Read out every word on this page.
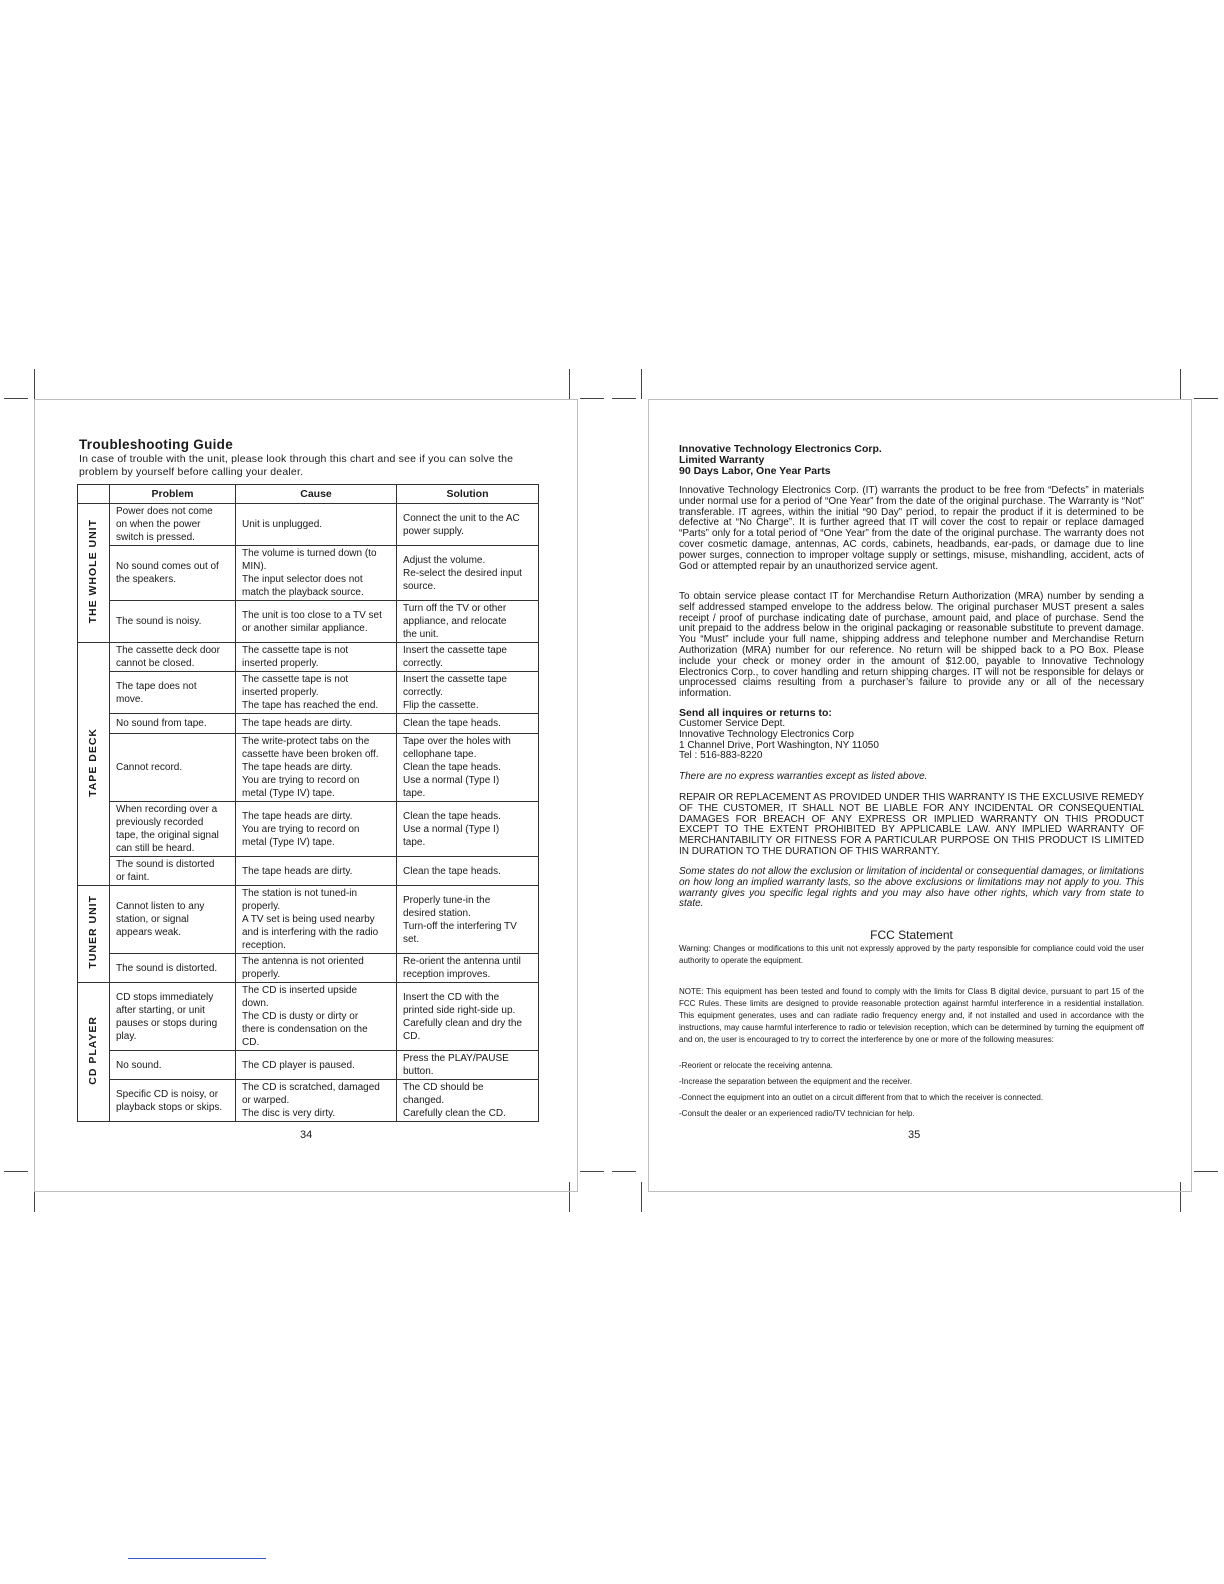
Troubleshooting Guide
In case of trouble with the unit, please look through this chart and see if you can solve the problem by yourself before calling your dealer.
	Problem	Cause	Solution
THE WHOLE UNIT	Power does not come
on when the power
switch is pressed.	Unit is unplugged.	Connect the unit to the AC
power supply.

	No sound comes out of
the speakers.	The volume is turned down (to
MIN).
The input selector does not
match the playback source.	Adjust the volume.
Re-select the desired input
source.

	The sound is noisy.	The unit is too close to a TV set
or another similar appliance.	Turn off the TV or other
appliance, and relocate
the unit.

TAPE DECK	The cassette deck door
cannot be closed.	The cassette tape is not
inserted properly.	Insert the cassette tape
correctly.

	The tape does not
move.	The cassette tape is not
inserted properly.
The tape has reached the end.	Insert the cassette tape
correctly.
Flip the cassette.

	No sound from tape.	The tape heads are dirty.	Clean the tape heads.

	Cannot record.	The write-protect tabs on the
cassette have been broken off.
The tape heads are dirty.
You are trying to record on
metal (Type IV) tape.	Tape over the holes with
cellophane tape.
Clean the tape heads.
Use a normal (Type I)
tape.

	When recording over a
previously recorded
tape, the original signal
can still be heard.	The tape heads are dirty.
You are trying to record on
metal (Type IV) tape.	Clean the tape heads.
Use a normal (Type I)
tape.

	The sound is distorted
or faint.	The tape heads are dirty.	Clean the tape heads.

TUNER UNIT	Cannot listen to any
station, or signal
appears weak.	The station is not tuned-in
properly.
A TV set is being used nearby
and is interfering with the radio
reception.	Properly tune-in the
desired station.
Turn-off the interfering TV
set.

	The sound is distorted.	The antenna is not oriented
properly.	Re-orient the antenna until
reception improves.

CD PLAYER	CD stops immediately
after starting, or unit
pauses or stops during
play.	The CD is inserted upside
down.
The CD is dusty or dirty or
there is condensation on the
CD.	Insert the CD with the
printed side right-side up.
Carefully clean and dry the
CD.

	No sound.	The CD player is paused.	Press the PLAY/PAUSE
button.

	Specific CD is noisy, or
playback stops or skips.	The CD is scratched, damaged
or warped.
The disc is very dirty.	The CD should be
changed.
Carefully clean the CD.
34
Innovative Technology Electronics Corp.
Limited Warranty
90 Days Labor, One Year Parts
Innovative Technology Electronics Corp. (IT) warrants the product to be free from “Defects” in materials under normal use for a period of “One Year” from the date of the original purchase. The Warranty is “Not” transferable. IT agrees, within the initial “90 Day” period, to repair the product if it is determined to be defective at “No Charge”. It is further agreed that IT will cover the cost to repair or replace damaged “Parts” only for a total period of “One Year” from the date of the original purchase. The warranty does not cover cosmetic damage, antennas, AC cords, cabinets, headbands, ear-pads, or damage due to line power surges, connection to improper voltage supply or settings, misuse, mishandling, accident, acts of God or attempted repair by an unauthorized service agent.
To obtain service please contact IT for Merchandise Return Authorization (MRA) number by sending a self addressed stamped envelope to the address below. The original purchaser MUST present a sales receipt / proof of purchase indicating date of purchase, amount paid, and place of purchase. Send the unit prepaid to the address below in the original packaging or reasonable substitute to prevent damage. You “Must” include your full name, shipping address and telephone number and Merchandise Return Authorization (MRA) number for our reference. No return will be shipped back to a PO Box. Please include your check or money order in the amount of $12.00, payable to Innovative Technology Electronics Corp., to cover handling and return shipping charges. IT will not be responsible for delays or unprocessed claims resulting from a purchaser’s failure to provide any or all of the necessary information.
Send all inquires or returns to:
Customer Service Dept.
Innovative Technology Electronics Corp
1 Channel Drive, Port Washington, NY 11050
Tel : 516-883-8220
There are no express warranties except as listed above.
REPAIR OR REPLACEMENT AS PROVIDED UNDER THIS WARRANTY IS THE EXCLUSIVE REMEDY OF THE CUSTOMER, IT SHALL NOT BE LIABLE FOR ANY INCIDENTAL OR CONSEQUENTIAL DAMAGES FOR BREACH OF ANY EXPRESS OR IMPLIED WARRANTY ON THIS PRODUCT EXCEPT TO THE EXTENT PROHIBITED BY APPLICABLE LAW. ANY IMPLIED WARRANTY OF MERCHANTABILITY OR FITNESS FOR A PARTICULAR PURPOSE ON THIS PRODUCT IS LIMITED IN DURATION TO THE DURATION OF THIS WARRANTY.
Some states do not allow the exclusion or limitation of incidental or consequential damages, or limitations on how long an implied warranty lasts, so the above exclusions or limitations may not apply to you. This warranty gives you specific legal rights and you may also have other rights, which vary from state to state.
FCC Statement
Warning: Changes or modifications to this unit not expressly approved by the party responsible for compliance could void the user authority to operate the equipment.
NOTE: This equipment has been tested and found to comply with the limits for Class B digital device, pursuant to part 15 of the FCC Rules. These limits are designed to provide reasonable protection against harmful interference in a residential installation. This equipment generates, uses and can radiate radio frequency energy and, if not installed and used in accordance with the instructions, may cause harmful interference to radio or television reception, which can be determined by turning the equipment off and on, the user is encouraged to try to correct the interference by one or more of the following measures:
-Reorient or relocate the receiving antenna.
-Increase the separation between the equipment and the receiver.
-Connect the equipment into an outlet on a circuit different from that to which the receiver is connected.
-Consult the dealer or an experienced radio/TV technician for help.
35
